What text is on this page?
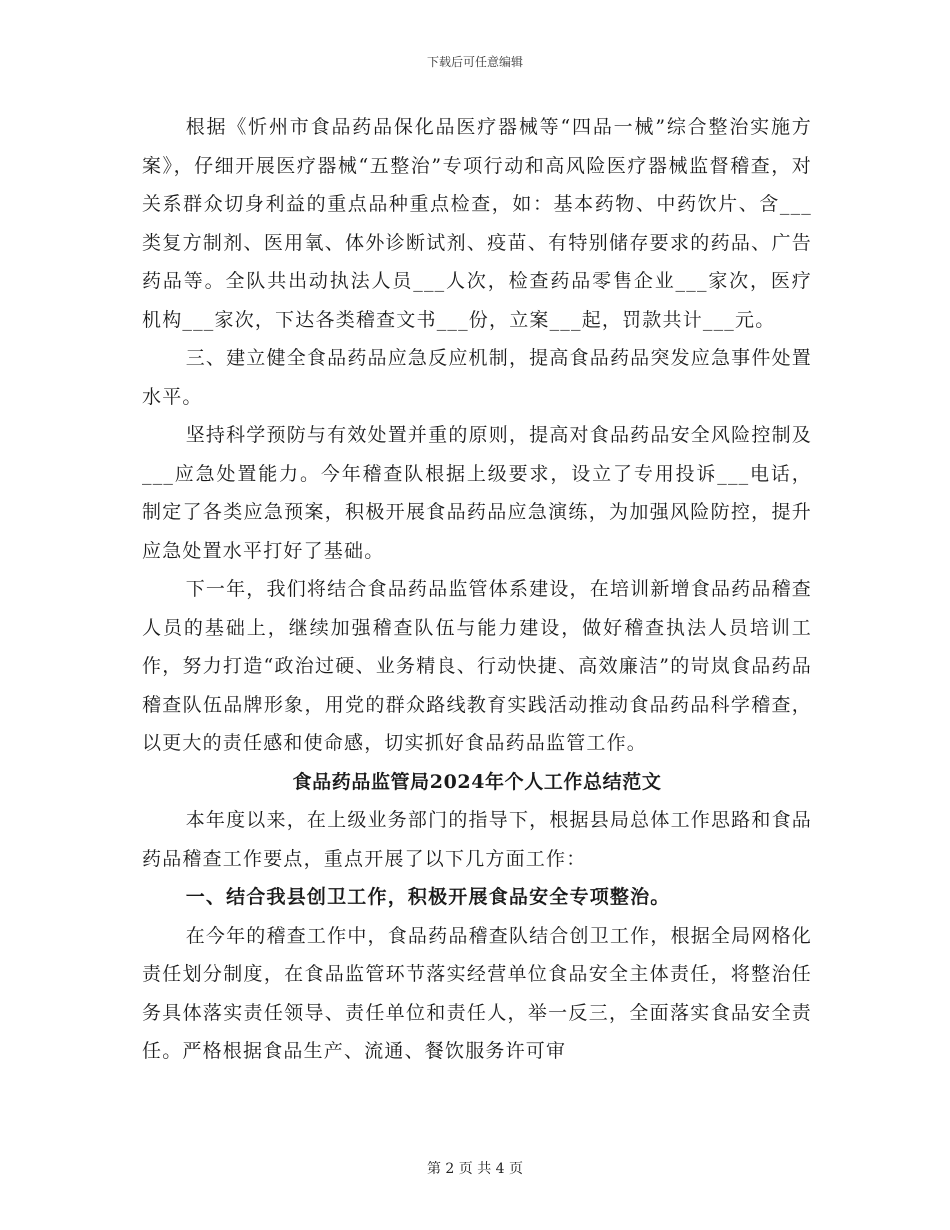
下载后可任意编辑

根据《忻州市食品药品保化品医疗器械等“四品一械”综合整治实施方案》，仔细开展医疗器械“五整治”专项行动和高风险医疗器械监督稽查，对关系群众切身利益的重点品种重点检查，如：基本药物、中药饮片、含___类复方制剂、医用氧、体外诊断试剂、疫苗、有特别储存要求的药品、广告药品等。全队共出动执法人员___人次，检查药品零售企业___家次，医疗机构___家次，下达各类稽查文书___份，立案___起，罚款共计___元。

三、建立健全食品药品应急反应机制，提高食品药品突发应急事件处置水平。

坚持科学预防与有效处置并重的原则，提高对食品药品安全风险控制及___应急处置能力。今年稽查队根据上级要求，设立了专用投诉___电话，制定了各类应急预案，积极开展食品药品应急演练，为加强风险防控，提升应急处置水平打好了基础。

下一年，我们将结合食品药品监管体系建设，在培训新增食品药品稽查人员的基础上，继续加强稽查队伍与能力建设，做好稽查执法人员培训工作，努力打造“政治过硬、业务精良、行动快捷、高效廉洁”的岢岚食品药品稽查队伍品牌形象，用党的群众路线教育实践活动推动食品药品科学稽查，以更大的责任感和使命感，切实抓好食品药品监管工作。

食品药品监管局2024年个人工作总结范文

本年度以来，在上级业务部门的指导下，根据县局总体工作思路和食品药品稽查工作要点，重点开展了以下几方面工作：

一、结合我县创卫工作，积极开展食品安全专项整治。

在今年的稽查工作中，食品药品稽查队结合创卫工作，根据全局网格化责任划分制度，在食品监管环节落实经营单位食品安全主体责任，将整治任务具体落实责任领导、责任单位和责任人，举一反三，全面落实食品安全责任。严格根据食品生产、流通、餐饮服务许可审

第 2 页 共 4 页
